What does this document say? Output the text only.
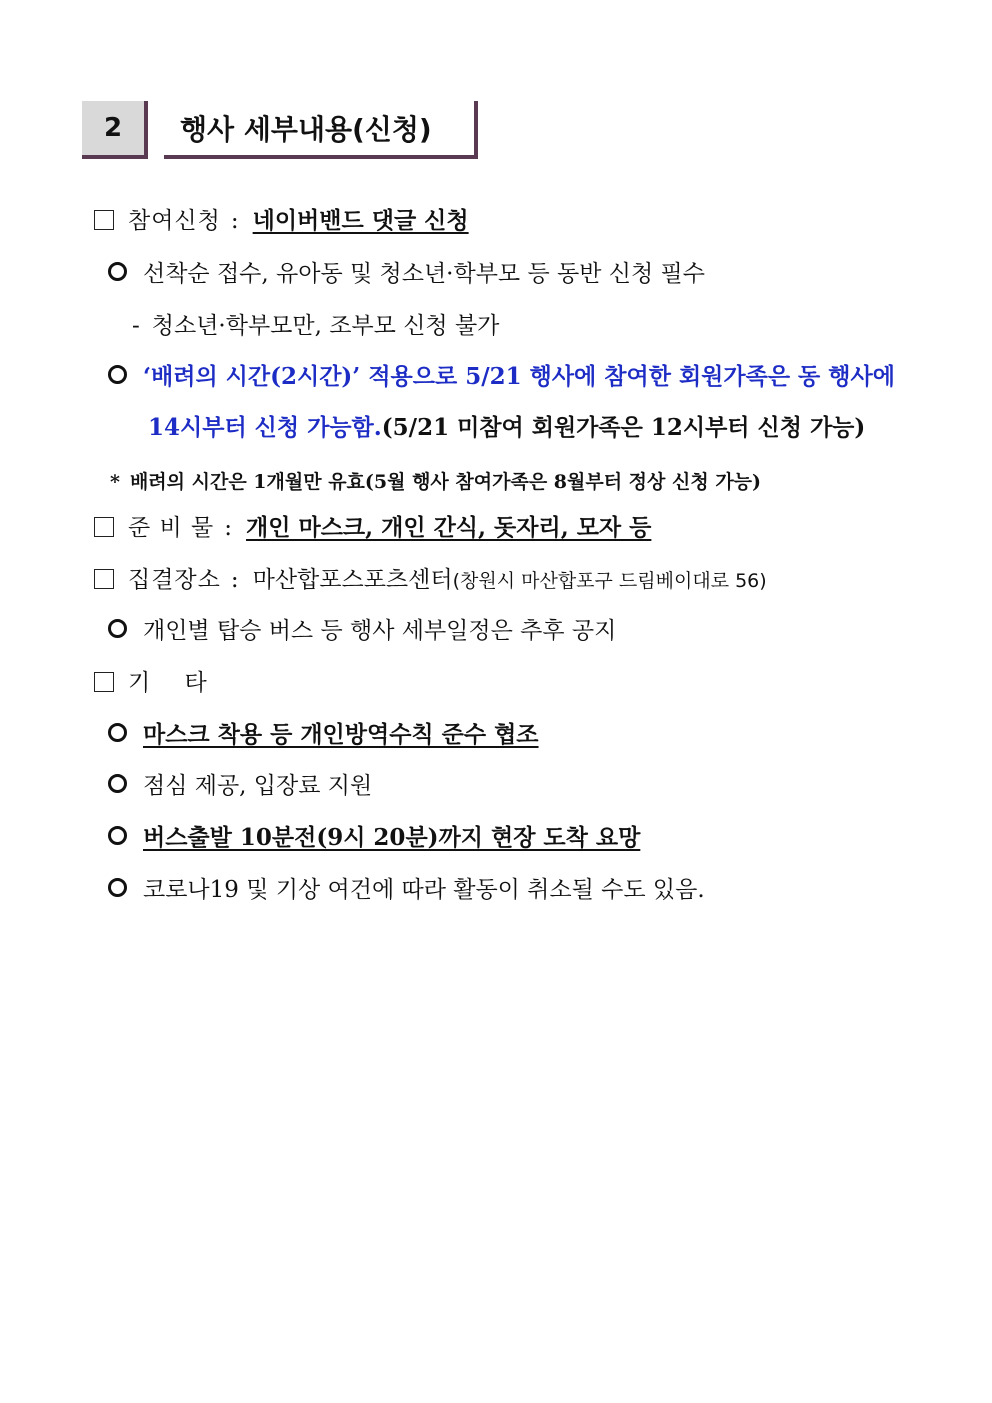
2	행사 세부내용(신청)
참여신청 : 네이버밴드 댓글 신청
선착순 접수, 유아동 및 청소년·학부모 등 동반 신청 필수
- 청소년·학부모만, 조부모 신청 불가
‘배려의 시간(2시간)’ 적용으로 5/21 행사에 참여한 회원가족은 동 행사에
14시부터 신청 가능함.(5/21 미참여 회원가족은 12시부터 신청 가능)
* 배려의 시간은 1개월만 유효(5월 행사 참여가족은 8월부터 정상 신청 가능)
준 비 물 : 개인 마스크, 개인 간식, 돗자리, 모자 등
집결장소 : 마산합포스포츠센터(창원시 마산합포구 드림베이대로 56)
개인별 탑승 버스 등 행사 세부일정은 추후 공지
기    타
마스크 착용 등 개인방역수칙 준수 협조
점심 제공, 입장료 지원
버스출발 10분전(9시 20분)까지 현장 도착 요망
코로나19 및 기상 여건에 따라 활동이 취소될 수도 있음.
